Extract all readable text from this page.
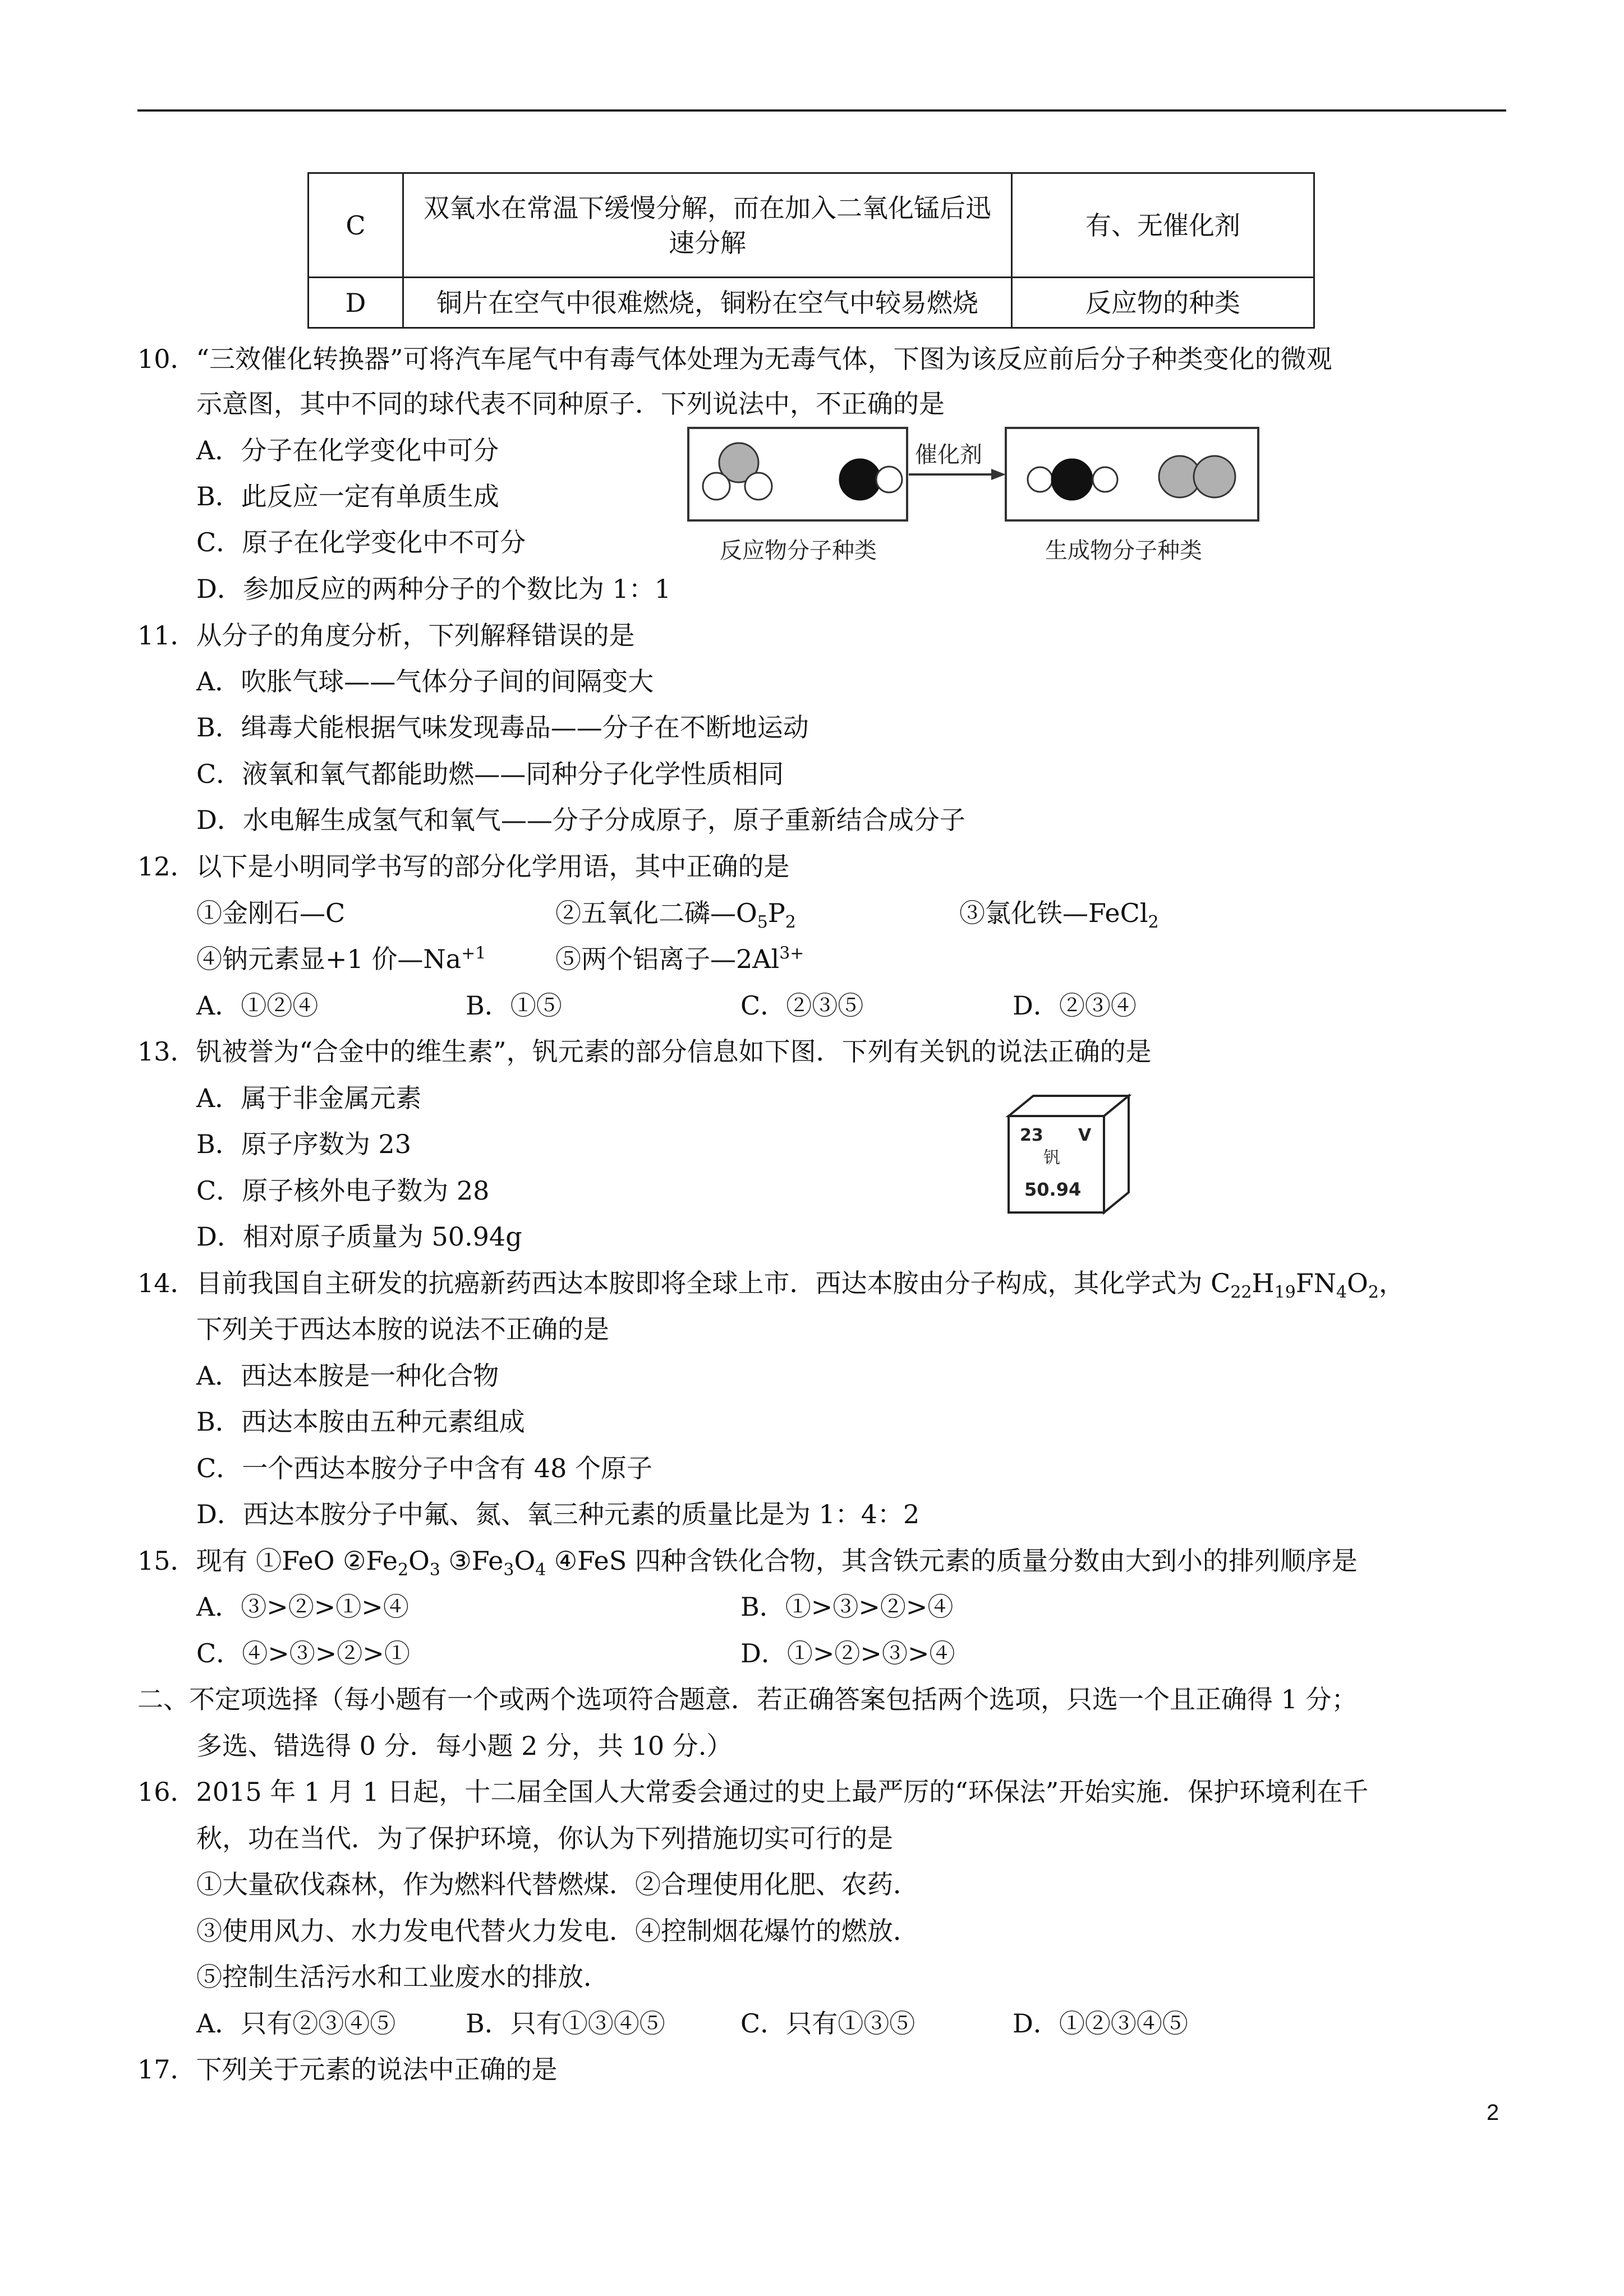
C	双氧水在常温下缓慢分解，而在加入二氧化锰后迅速分解	有、无催化剂
D	铜片在空气中很难燃烧，铜粉在空气中较易燃烧	反应物的种类
10．“三效催化转换器”可将汽车尾气中有毒气体处理为无毒气体，下图为该反应前后分子种类变化的微观
示意图，其中不同的球代表不同种原子．下列说法中，不正确的是
A．分子在化学变化中可分
B．此反应一定有单质生成
C．原子在化学变化中不可分
D．参加反应的两种分子的个数比为 1：1
催化剂
反应物分子种类	生成物分子种类
11．从分子的角度分析，下列解释错误的是
A．吹胀气球——气体分子间的间隔变大
B．缉毒犬能根据气味发现毒品——分子在不断地运动
C．液氧和氧气都能助燃——同种分子化学性质相同
D．水电解生成氢气和氧气——分子分成原子，原子重新结合成分子
12．以下是小明同学书写的部分化学用语，其中正确的是
①金刚石—C	②五氧化二磷$—O_5P_2$	③氯化铁—FeCl$_2$
④钠元素显+1 价$—Na^{+1}$	⑤两个铝离子$—2Al^{3+}$
A．①②④	B．①⑤	C．②③⑤	D．②③④
13．钒被誉为“合金中的维生素”，钒元素的部分信息如下图．下列有关钒的说法正确的是
A．属于非金属元素
B．原子序数为 23
C．原子核外电子数为 28
D．相对原子质量为 50.94g
23 V
钒
50.94
14．目前我国自主研发的抗癌新药西达本胺即将全球上市．西达本胺由分子构成，其化学式为 $C_{22}H_{19}FN_4O_2$，
下列关于西达本胺的说法不正确的是
A．西达本胺是一种化合物
B．西达本胺由五种元素组成
C．一个西达本胺分子中含有 48 个原子
D．西达本胺分子中氟、氮、氧三种元素的质量比是为 1：4：2
15．现有 ①FeO $②Fe_2O_3$ $③Fe_3O_4$ ④FeS 四种含铁化合物，其含铁元素的质量分数由大到小的排列顺序是
A．③>②>①>④	B．①>③>②>④
C．④>③>②>①	D．①>②>③>④
二、不定项选择（每小题有一个或两个选项符合题意．若正确答案包括两个选项，只选一个且正确得 1 分；
多选、错选得 0 分．每小题 2 分，共 10 分.）
16．2015 年 1 月 1 日起，十二届全国人大常委会通过的史上最严厉的“环保法”开始实施．保护环境利在千
秋，功在当代．为了保护环境，你认为下列措施切实可行的是
①大量砍伐森林，作为燃料代替燃煤．②合理使用化肥、农药．
③使用风力、水力发电代替火力发电．④控制烟花爆竹的燃放．
⑤控制生活污水和工业废水的排放．
A．只有②③④⑤	B．只有①③④⑤	C．只有①③⑤	D．①②③④⑤
17．下列关于元素的说法中正确的是
2
